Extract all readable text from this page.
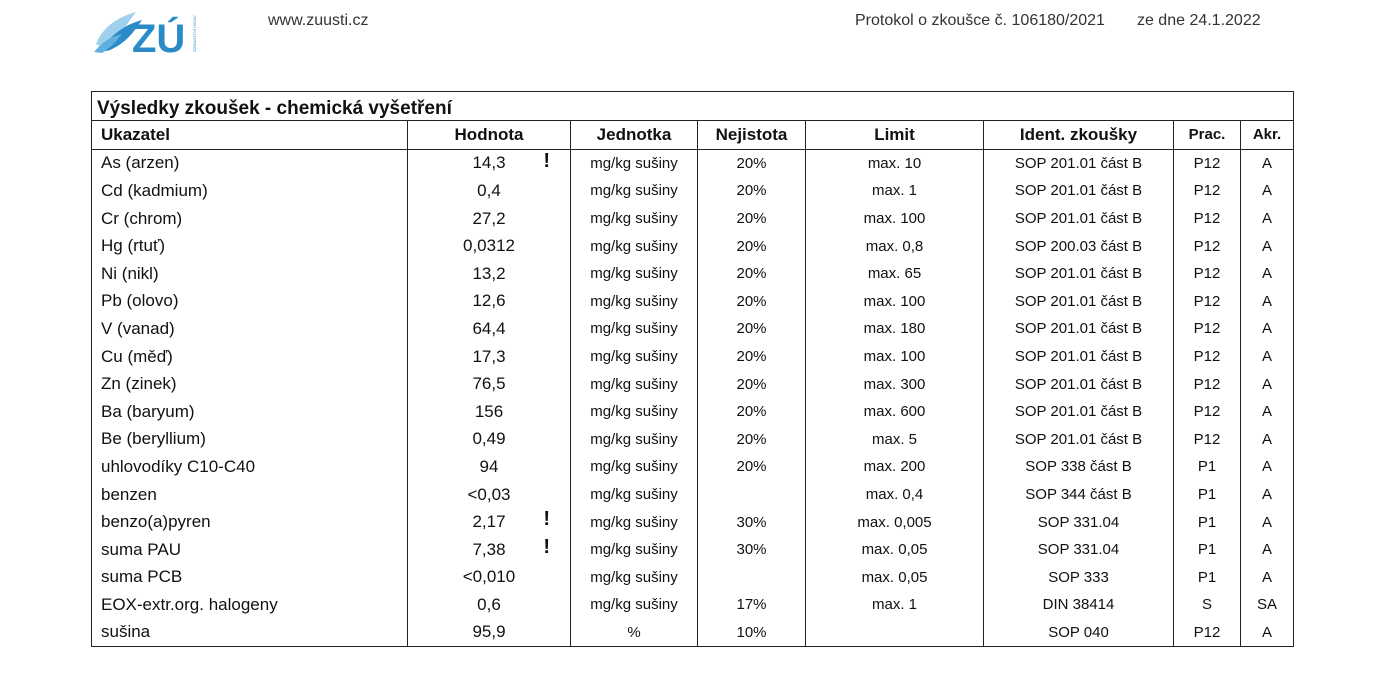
ZÚ ZDRAVOTNÍ ÚSTAV	www.zuusti.cz	Protokol o zkoušce č. 106180/2021 ze dne 24.1.2022
Výsledky zkoušek - chemická vyšetření							
Ukazatel	Hodnota	Jednotka	Nejistota	Limit	Ident. zkoušky	Prac.	Akr.
As (arzen)	14,3 !	mg/kg sušiny	20%	max. 10	SOP 201.01 část B	P12	A
Cd (kadmium)	0,4	mg/kg sušiny	20%	max. 1	SOP 201.01 část B	P12	A
Cr (chrom)	27,2	mg/kg sušiny	20%	max. 100	SOP 201.01 část B	P12	A
Hg (rtuť)	0,0312	mg/kg sušiny	20%	max. 0,8	SOP 200.03 část B	P12	A
Ni (nikl)	13,2	mg/kg sušiny	20%	max. 65	SOP 201.01 část B	P12	A
Pb (olovo)	12,6	mg/kg sušiny	20%	max. 100	SOP 201.01 část B	P12	A
V (vanad)	64,4	mg/kg sušiny	20%	max. 180	SOP 201.01 část B	P12	A
Cu (měď)	17,3	mg/kg sušiny	20%	max. 100	SOP 201.01 část B	P12	A
Zn (zinek)	76,5	mg/kg sušiny	20%	max. 300	SOP 201.01 část B	P12	A
Ba (baryum)	156	mg/kg sušiny	20%	max. 600	SOP 201.01 část B	P12	A
Be (beryllium)	0,49	mg/kg sušiny	20%	max. 5	SOP 201.01 část B	P12	A
uhlovodíky C10-C40	94	mg/kg sušiny	20%	max. 200	SOP 338 část B	P1	A
benzen	<0,03	mg/kg sušiny		max. 0,4	SOP 344 část B	P1	A
benzo(a)pyren	2,17 !	mg/kg sušiny	30%	max. 0,005	SOP 331.04	P1	A
suma PAU	7,38 !	mg/kg sušiny	30%	max. 0,05	SOP 331.04	P1	A
suma PCB	<0,010	mg/kg sušiny		max. 0,05	SOP 333	P1	A
EOX-extr.org. halogeny	0,6	mg/kg sušiny	17%	max. 1	DIN 38414	S	SA
sušina	95,9	%	10%		SOP 040	P12	A
